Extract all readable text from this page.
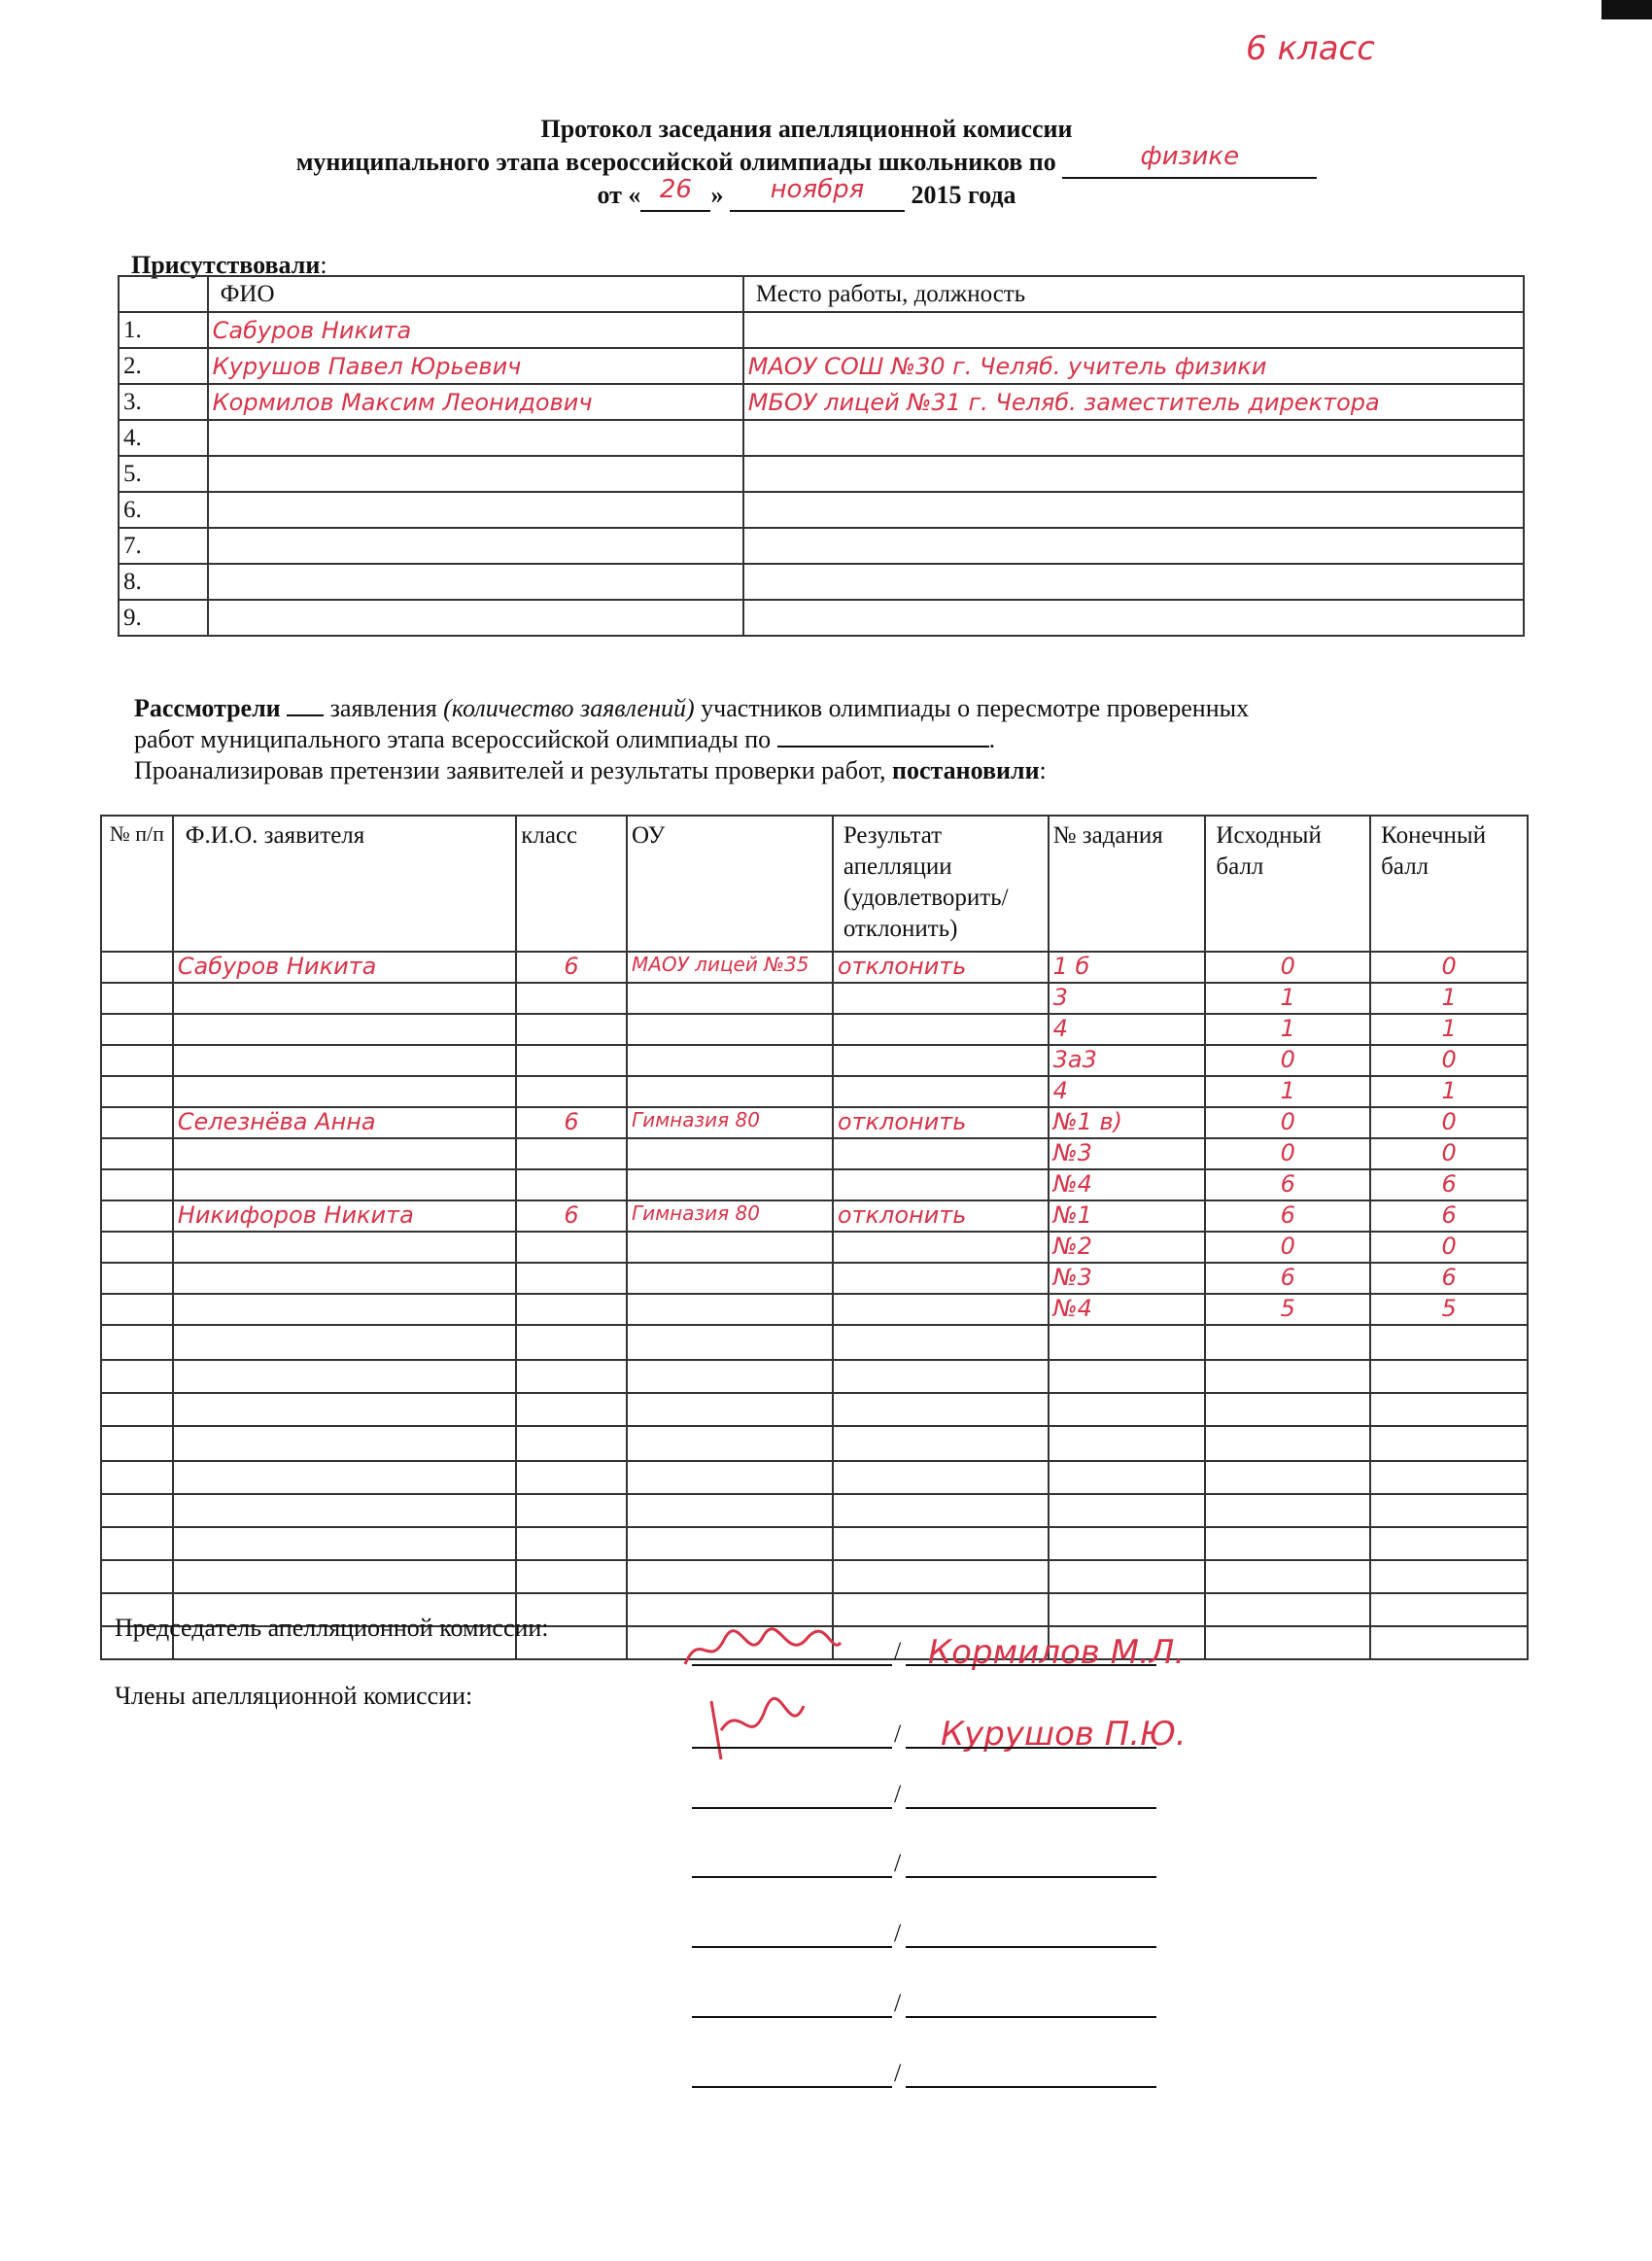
6 класс
Протокол заседания апелляционной комиссии
муниципального этапа всероссийской олимпиады школьников по	физике
от « 26 » ноября 2015 года
Присутствовали:
	ФИО	Место работы, должность
1.	Сабуров Никита	
2.	Курушов Павел Юрьевич	МАОУ СОШ №30 г. Челяб. учитель физики
3.	Кормилов Максим Леонидович	МБОУ лицей №31 г. Челяб. заместитель директора
4.		
5.		
6.		
7.		
8.		
9.		
Рассмотрели заявления (количество заявлений) участников олимпиады о пересмотре проверенных
работ муниципального этапа всероссийской олимпиады по	.
Проанализировав претензии заявителей и результаты проверки работ, постановили:
№ п/п	Ф.И.О. заявителя	класс	ОУ	Результат апелляции (удовлетворить/ отклонить)	№ задания	Исходный балл	Конечный балл
	Сабуров Никита	6	МАОУ лицей №35	отклонить	1 б	0	0
					3	1	1
					4	1	1
					3а3	0	0
					4	1	1
	Селезнёва Анна	6	Гимназия 80	отклонить	№1 в)	0	0
					№3	0	0
					№4	6	6
	Никифоров Никита	6	Гимназия 80	отклонить	№1	6	6
					№2	0	0
					№3	6	6
					№4	5	5

Председатель апелляционной комиссии:
Члены апелляционной комиссии:
Кормилов М.Л.
Курушов П.Ю.
/
/
/
/
/
/
/
